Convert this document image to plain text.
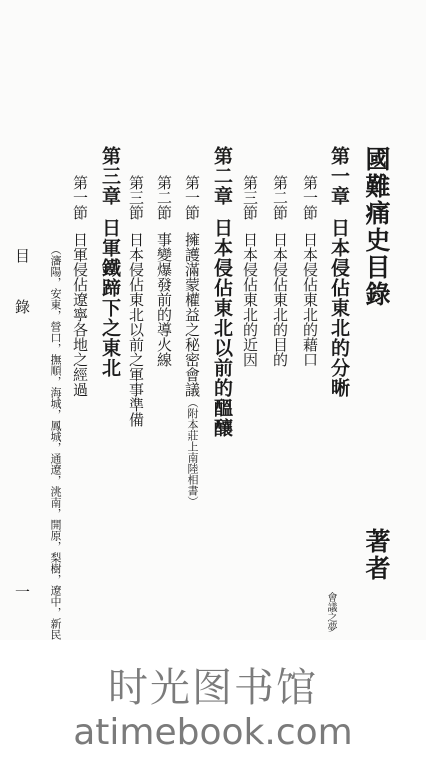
國難痛史目錄
著者
會議之夢
第一章日本侵佔東北的分晰
第一節日本侵佔東北的藉口
第二節日本侵佔東北的目的
第三節日本侵佔東北的近因
第二章日本侵佔東北以前的醞釀
第一節擁護滿蒙權益之秘密會議（附本莊上南陸相書）
第二節事變爆發前的導火線
第三節日本侵佔東北以前之軍事準備
第三章日軍鐵蹄下之東北
第一節日軍侵佔遼寧各地之經過
（瀋陽，安東，營口，撫順，海城，鳳城，通遼，洮南，開原，梨樹，遼中，新民
目錄
一
时光图书馆
atimebook.com
